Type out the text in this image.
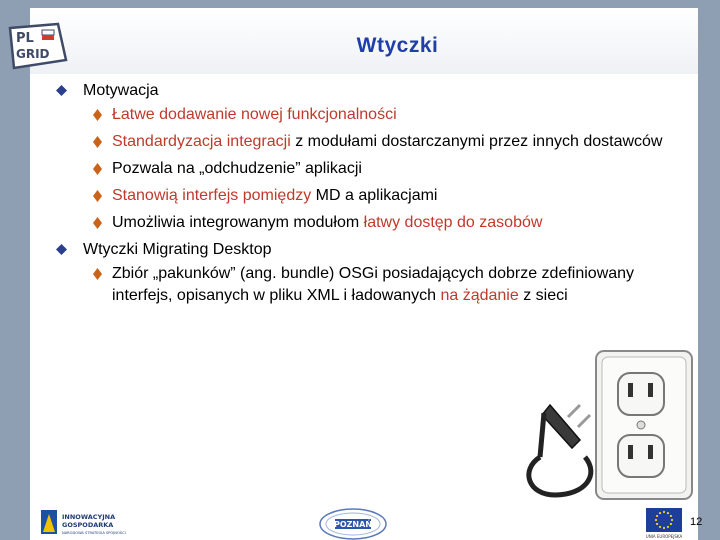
Wtyczki
PL
GRID
Motywacja
Łatwe dodawanie nowej funkcjonalności
Standardyzacja integracji z modułami dostarczanymi przez innych dostawców
Pozwala na „odchudzenie” aplikacji
Stanowią interfejs pomiędzy MD a aplikacjami
Umożliwia integrowanym modułom łatwy dostęp do zasobów
Wtyczki Migrating Desktop
Zbiór „pakunków” (ang. bundle) OSGi posiadających dobrze zdefiniowany interfejs, opisanych w pliku XML i ładowanych na żądanie z sieci
INNOWACYJNA
GOSPODARKA
NARODOWA STRATEGIA SPÓJNOŚCI
POZNAŃ
UNIA EUROPEJSKA
12
